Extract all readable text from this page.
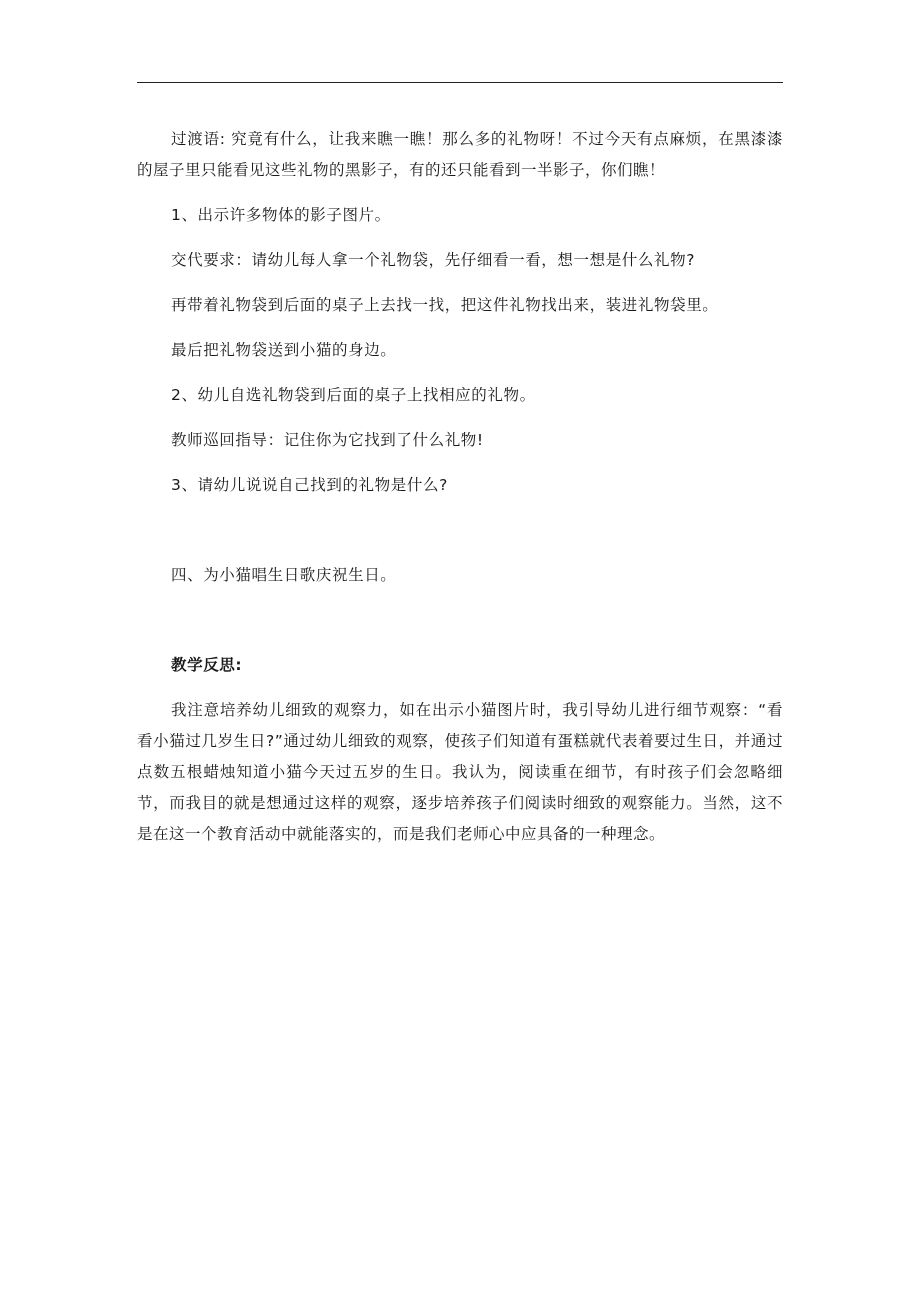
过渡语: 究竟有什么，让我来瞧一瞧！那么多的礼物呀！不过今天有点麻烦，在黑漆漆的屋子里只能看见这些礼物的黑影子，有的还只能看到一半影子，你们瞧！

1、出示许多物体的影子图片。

交代要求：请幼儿每人拿一个礼物袋，先仔细看一看，想一想是什么礼物?

再带着礼物袋到后面的桌子上去找一找，把这件礼物找出来，装进礼物袋里。

最后把礼物袋送到小猫的身边。

2、幼儿自选礼物袋到后面的桌子上找相应的礼物。

教师巡回指导：记住你为它找到了什么礼物!

3、请幼儿说说自己找到的礼物是什么?

四、为小猫唱生日歌庆祝生日。

教学反思:

我注意培养幼儿细致的观察力，如在出示小猫图片时，我引导幼儿进行细节观察：“看看小猫过几岁生日?”通过幼儿细致的观察，使孩子们知道有蛋糕就代表着要过生日，并通过点数五根蜡烛知道小猫今天过五岁的生日。我认为，阅读重在细节，有时孩子们会忽略细节，而我目的就是想通过这样的观察，逐步培养孩子们阅读时细致的观察能力。当然，这不是在这一个教育活动中就能落实的，而是我们老师心中应具备的一种理念。
